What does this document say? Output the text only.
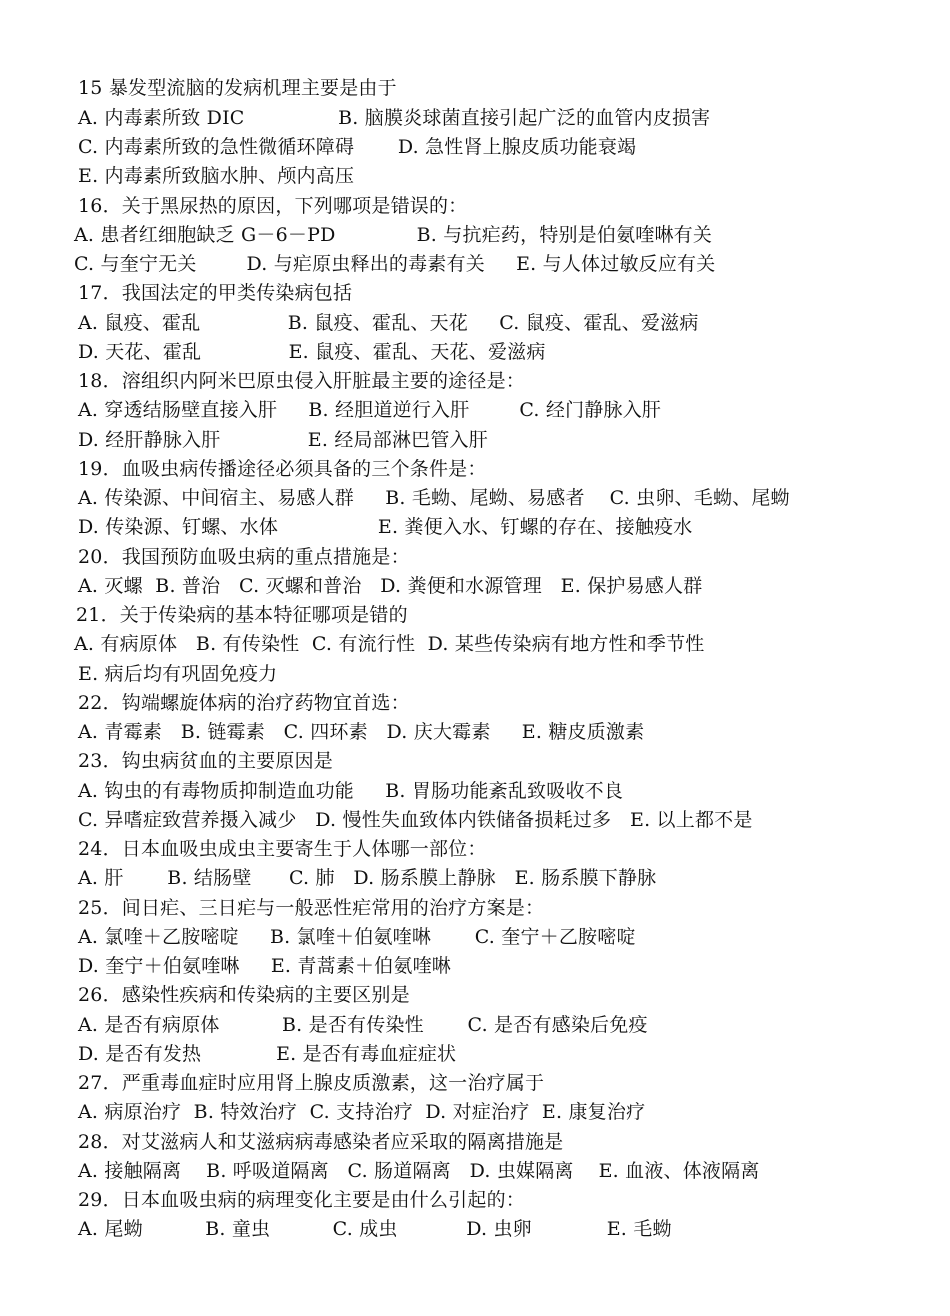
15 暴发型流脑的发病机理主要是由于
A. 内毒素所致 DIC               B. 脑膜炎球菌直接引起广泛的血管内皮损害
C. 内毒素所致的急性微循环障碍       D. 急性肾上腺皮质功能衰竭
E. 内毒素所致脑水肿、颅内高压
16．关于黑尿热的原因，下列哪项是错误的：
A. 患者红细胞缺乏 G－6－PD             B. 与抗疟药，特别是伯氨喹啉有关
C. 与奎宁无关        D. 与疟原虫释出的毒素有关     E. 与人体过敏反应有关
17．我国法定的甲类传染病包括
A. 鼠疫、霍乱              B. 鼠疫、霍乱、天花     C. 鼠疫、霍乱、爱滋病
D. 天花、霍乱              E. 鼠疫、霍乱、天花、爱滋病
18．溶组织内阿米巴原虫侵入肝脏最主要的途径是：
A. 穿透结肠壁直接入肝     B. 经胆道逆行入肝        C. 经门静脉入肝
D. 经肝静脉入肝              E. 经局部淋巴管入肝
19．血吸虫病传播途径必须具备的三个条件是：
A. 传染源、中间宿主、易感人群     B. 毛蚴、尾蚴、易感者    C. 虫卵、毛蚴、尾蚴
D. 传染源、钉螺、水体                E. 粪便入水、钉螺的存在、接触疫水
20．我国预防血吸虫病的重点措施是：
A. 灭螺  B. 普治   C. 灭螺和普治   D. 粪便和水源管理   E. 保护易感人群
21．关于传染病的基本特征哪项是错的
A. 有病原体   B. 有传染性  C. 有流行性  D. 某些传染病有地方性和季节性
E. 病后均有巩固免疫力
22．钩端螺旋体病的治疗药物宜首选：
A. 青霉素   B. 链霉素   C. 四环素   D. 庆大霉素     E. 糖皮质激素
23．钩虫病贫血的主要原因是
A. 钩虫的有毒物质抑制造血功能     B. 胃肠功能紊乱致吸收不良
C. 异嗜症致营养摄入减少   D. 慢性失血致体内铁储备损耗过多   E. 以上都不是
24．日本血吸虫成虫主要寄生于人体哪一部位：
A. 肝       B. 结肠壁      C. 肺   D. 肠系膜上静脉   E. 肠系膜下静脉
25．间日疟、三日疟与一般恶性疟常用的治疗方案是：
A. 氯喹＋乙胺嘧啶     B. 氯喹＋伯氨喹啉       C. 奎宁＋乙胺嘧啶
D. 奎宁＋伯氨喹啉     E. 青蒿素＋伯氨喹啉
26．感染性疾病和传染病的主要区别是
A. 是否有病原体          B. 是否有传染性       C. 是否有感染后免疫
D. 是否有发热            E. 是否有毒血症症状
27．严重毒血症时应用肾上腺皮质激素，这一治疗属于
A. 病原治疗  B. 特效治疗  C. 支持治疗  D. 对症治疗  E. 康复治疗
28．对艾滋病人和艾滋病病毒感染者应采取的隔离措施是
A. 接触隔离    B. 呼吸道隔离   C. 肠道隔离   D. 虫媒隔离    E. 血液、体液隔离
29．日本血吸虫病的病理变化主要是由什么引起的：
A. 尾蚴          B. 童虫          C. 成虫           D. 虫卵            E. 毛蚴
